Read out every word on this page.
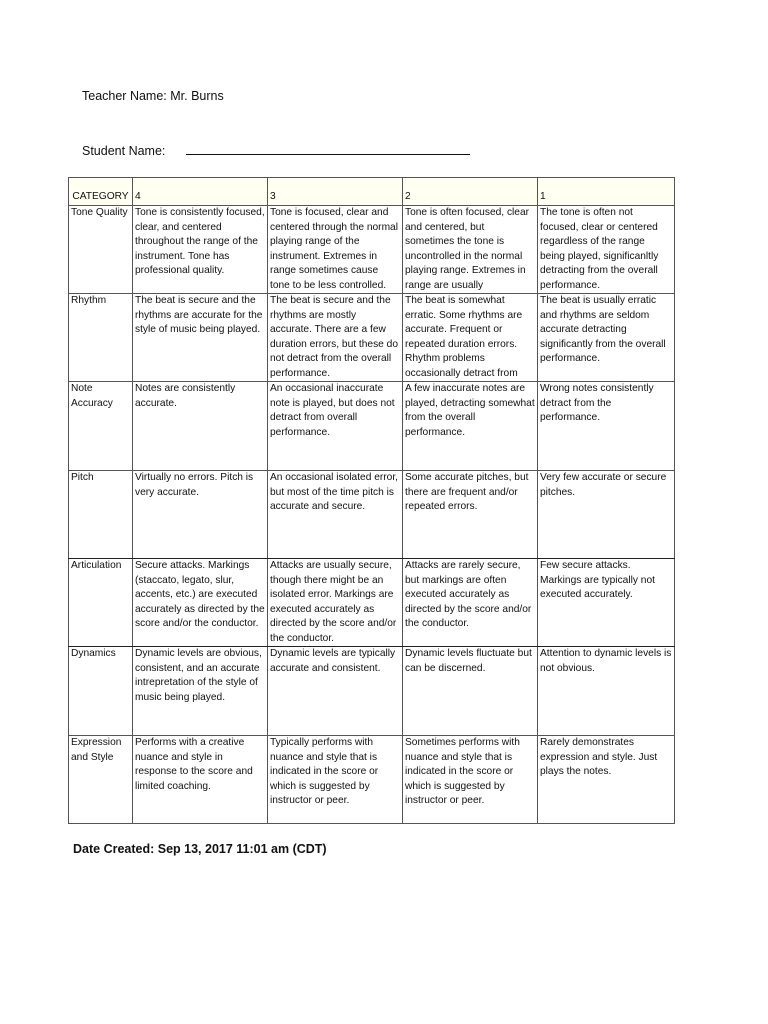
Teacher Name: Mr. Burns
Student Name:
CATEGORY	4	3	2	1
Tone Quality	Tone is consistently focused, clear, and centered throughout the range of the instrument. Tone has professional quality.	Tone is focused, clear and centered through the normal playing range of the instrument. Extremes in range sometimes cause tone to be less controlled.	Tone is often focused, clear and centered, but sometimes the tone is uncontrolled in the normal playing range. Extremes in range are usually	The tone is often not focused, clear or centered regardless of the range being played, significanltly detracting from the overall performance.
Rhythm	The beat is secure and the rhythms are accurate for the style of music being played.	The beat is secure and the rhythms are mostly accurate. There are a few duration errors, but these do not detract from the overall performance.	The beat is somewhat erratic. Some rhythms are accurate. Frequent or repeated duration errors. Rhythm problems occasionally detract from	The beat is usually erratic and rhythms are seldom accurate detracting significantly from the overall performance.
Note Accuracy	Notes are consistently accurate.	An occasional inaccurate note is played, but does not detract from overall performance.	A few inaccurate notes are played, detracting somewhat from the overall performance.	Wrong notes consistently detract from the performance.
Pitch	Virtually no errors. Pitch is very accurate.	An occasional isolated error, but most of the time pitch is accurate and secure.	Some accurate pitches, but there are frequent and/or repeated errors.	Very few accurate or secure pitches.
Articulation	Secure attacks. Markings (staccato, legato, slur, accents, etc.) are executed accurately as directed by the score and/or the conductor.	Attacks are usually secure, though there might be an isolated error. Markings are executed accurately as directed by the score and/or the conductor.	Attacks are rarely secure, but markings are often executed accurately as directed by the score and/or the conductor.	Few secure attacks. Markings are typically not executed accurately.
Dynamics	Dynamic levels are obvious, consistent, and an accurate intrepretation of the style of music being played.	Dynamic levels are typically accurate and consistent.	Dynamic levels fluctuate but can be discerned.	Attention to dynamic levels is not obvious.
Expression and Style	Performs with a creative nuance and style in response to the score and limited coaching.	Typically performs with nuance and style that is indicated in the score or which is suggested by instructor or peer.	Sometimes performs with nuance and style that is indicated in the score or which is suggested by instructor or peer.	Rarely demonstrates expression and style. Just plays the notes.
Date Created: Sep 13, 2017 11:01 am (CDT)
